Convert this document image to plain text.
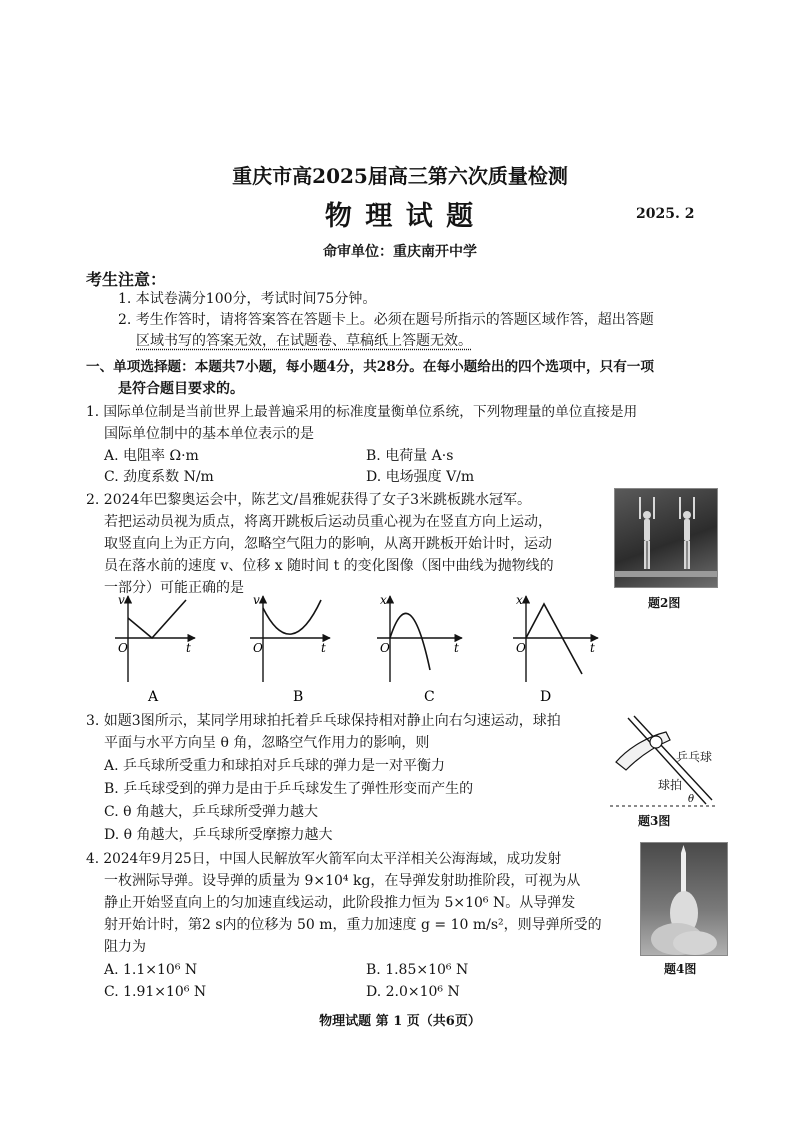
重庆市高2025届高三第六次质量检测
物 理 试 题	2025. 2
命审单位：重庆南开中学
考生注意：
1. 本试卷满分100分，考试时间75分钟。
2. 考生作答时，请将答案答在答题卡上。必须在题号所指示的答题区域作答，超出答题
区域书写的答案无效，在试题卷、草稿纸上答题无效。
一、单项选择题：本题共7小题，每小题4分，共28分。在每小题给出的四个选项中，只有一项
是符合题目要求的。
1. 国际单位制是当前世界上最普遍采用的标准度量衡单位系统，下列物理量的单位直接是用
国际单位制中的基本单位表示的是
A. 电阻率 Ω·m	B. 电荷量 A·s
C. 劲度系数 N/m	D. 电场强度 V/m
2. 2024年巴黎奥运会中，陈艺文/昌雅妮获得了女子3米跳板跳水冠军。
若把运动员视为质点，将离开跳板后运动员重心视为在竖直方向上运动，
取竖直向上为正方向，忽略空气阻力的影响，从离开跳板开始计时，运动
员在落水前的速度 v、位移 x 随时间 t 的变化图像（图中曲线为抛物线的
一部分）可能正确的是
题2图
v
O	t
A
v
O	t
B
x
O	t
C
x
O	t
D
3. 如题3图所示，某同学用球拍托着乒乓球保持相对静止向右匀速运动，球拍
平面与水平方向呈 θ 角，忽略空气作用力的影响，则
A. 乒乓球所受重力和球拍对乒乓球的弹力是一对平衡力
B. 乒乓球受到的弹力是由于乒乓球发生了弹性形变而产生的
C. θ 角越大，乒乓球所受弹力越大
D. θ 角越大，乒乓球所受摩擦力越大
θ
乒乓球
球拍
题3图
4. 2024年9月25日，中国人民解放军火箭军向太平洋相关公海海域，成功发射
一枚洲际导弹。设导弹的质量为 9×10⁴ kg，在导弹发射助推阶段，可视为从
静止开始竖直向上的匀加速直线运动，此阶段推力恒为 5×10⁶ N。从导弹发
射开始计时，第2 s内的位移为 50 m，重力加速度 g = 10 m/s²，则导弹所受的
阻力为
A. 1.1×10⁶ N	B. 1.85×10⁶ N
C. 1.91×10⁶ N	D. 2.0×10⁶ N
题4图
物理试题 第 1 页（共6页）
